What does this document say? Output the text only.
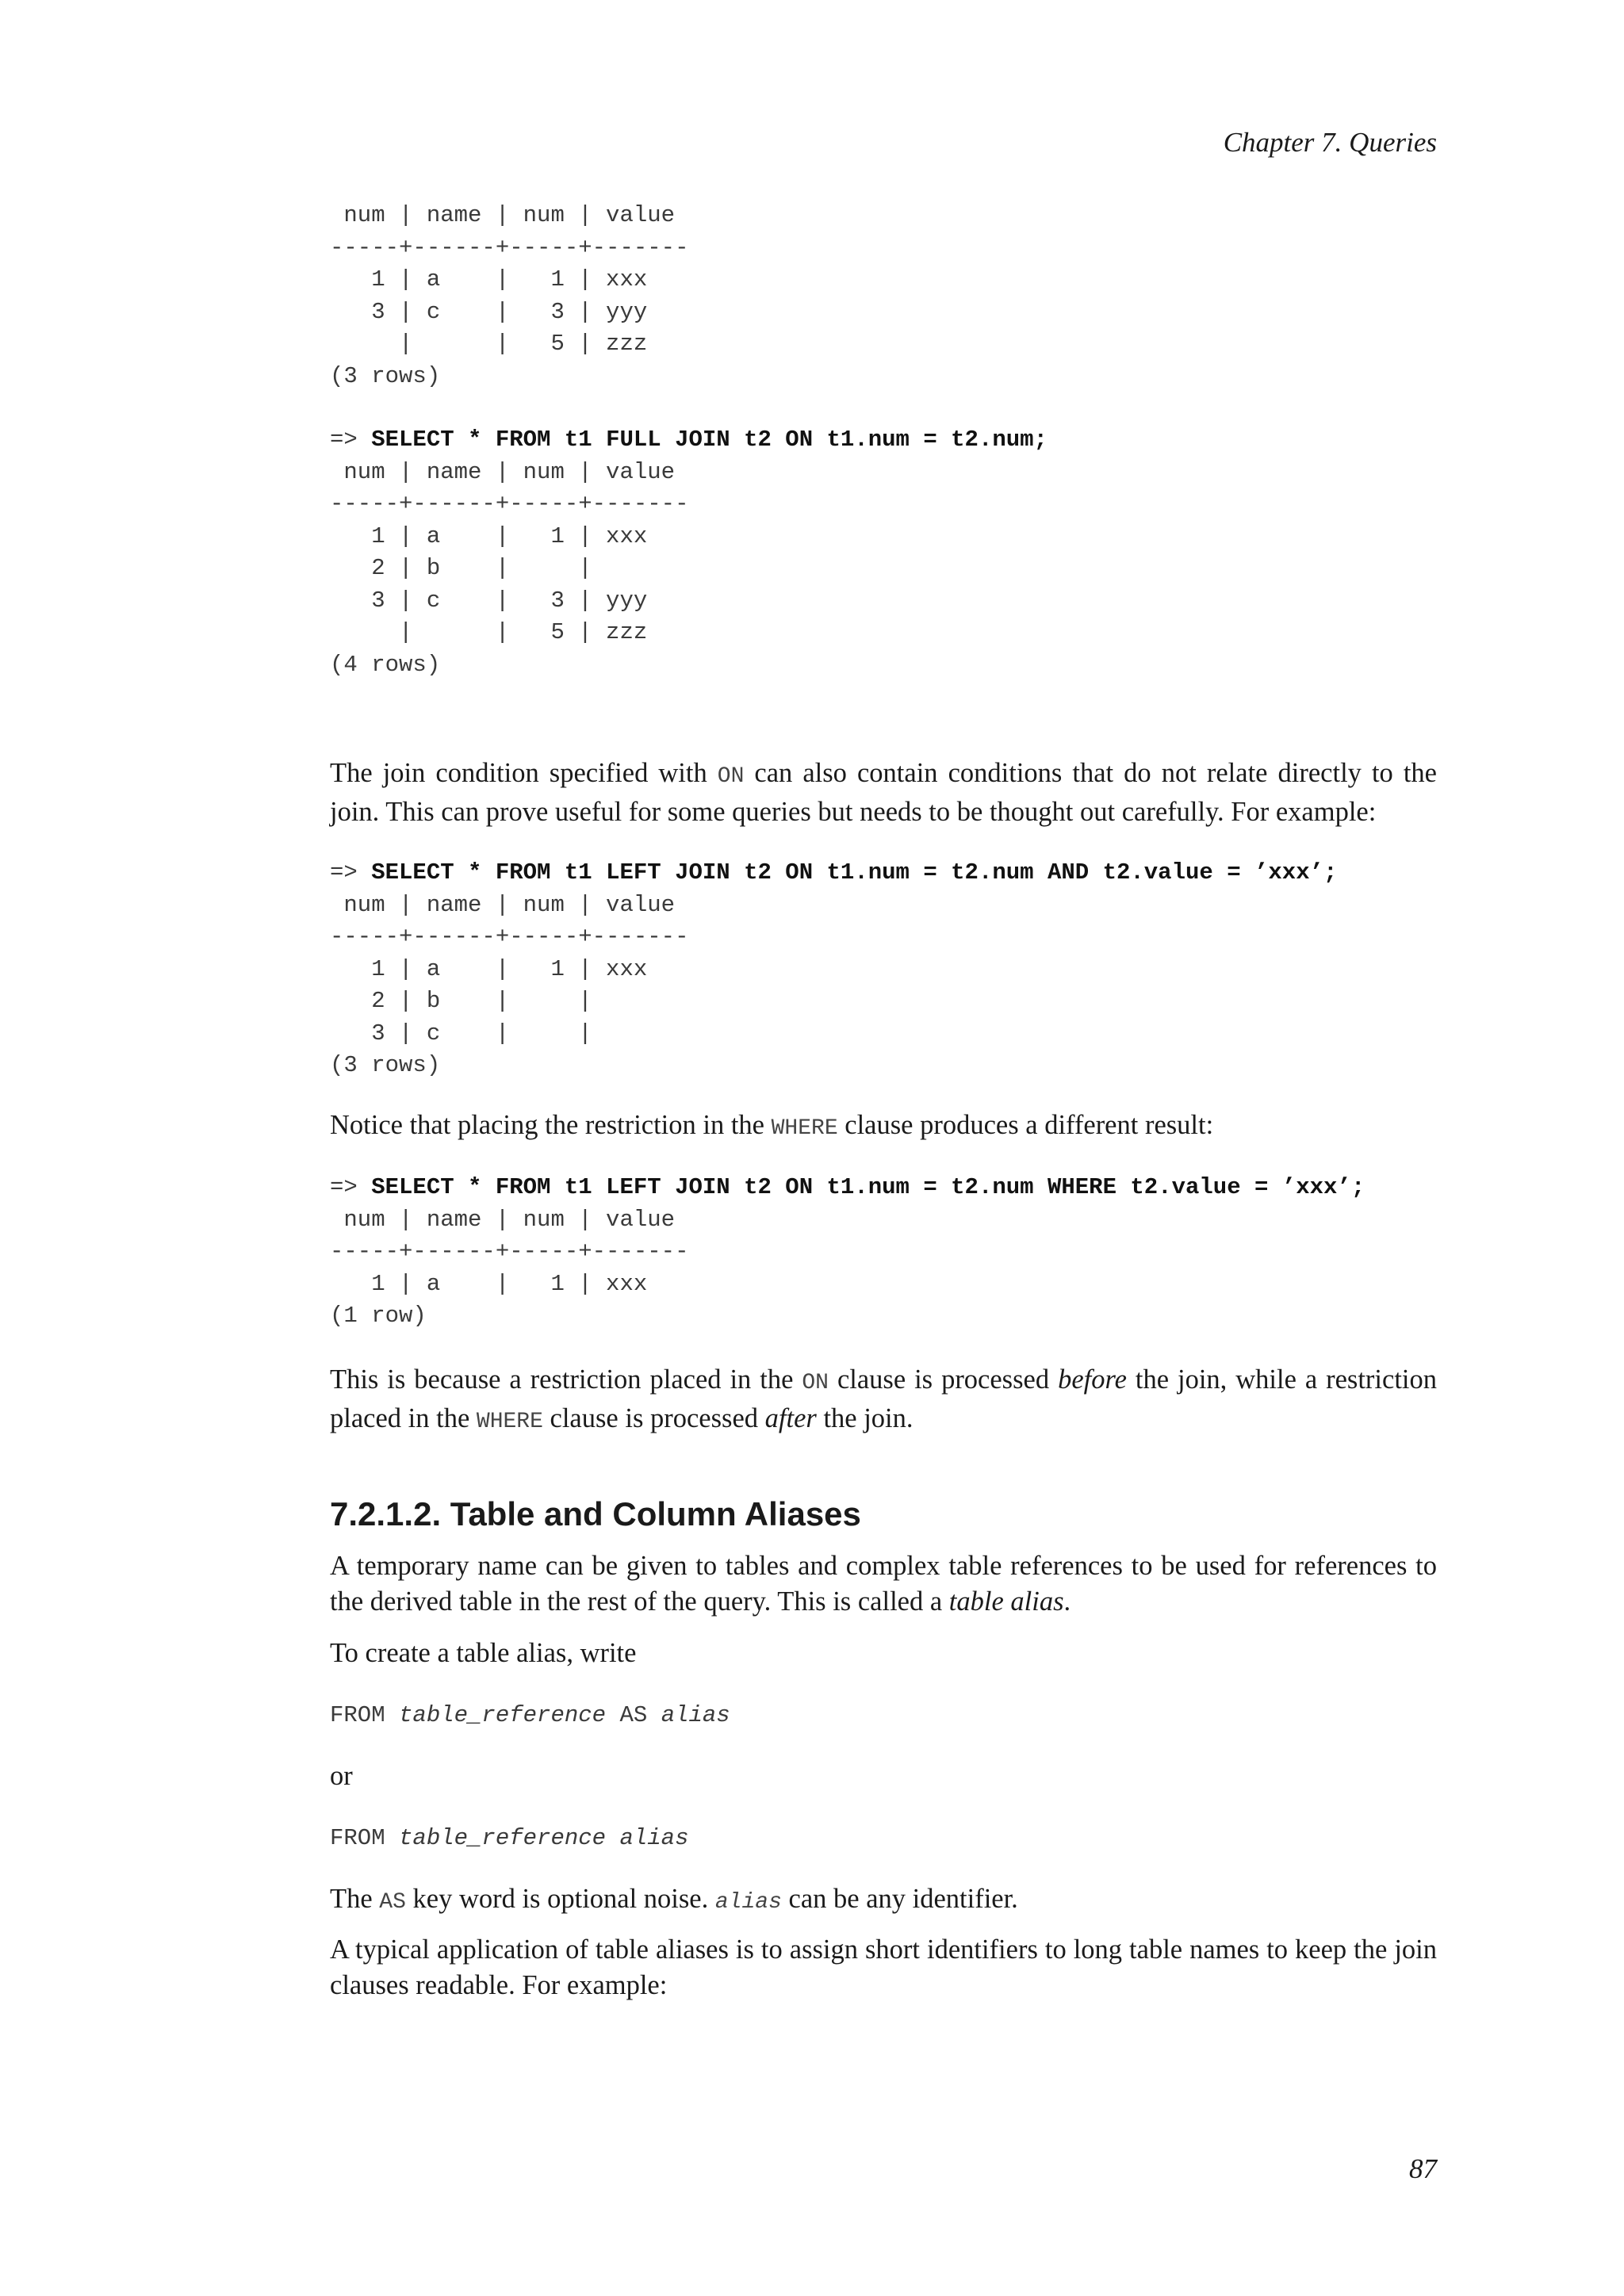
Chapter 7. Queries
num | name | num | value
-----+------+-----+-------
1 | a    |   1 | xxx
3 | c    |   3 | yyy
|      |   5 | zzz
(3 rows)
=> SELECT * FROM t1 FULL JOIN t2 ON t1.num = t2.num;
num | name | num | value
-----+------+-----+-------
1 | a    |   1 | xxx
2 | b    |     |
3 | c    |   3 | yyy
|      |   5 | zzz
(4 rows)

The join condition specified with ON can also contain conditions that do not relate directly to the join. This can prove useful for some queries but needs to be thought out carefully. For example:

=> SELECT * FROM t1 LEFT JOIN t2 ON t1.num = t2.num AND t2.value = ’xxx’;
num | name | num | value
-----+------+-----+-------
1 | a    |   1 | xxx
2 | b    |     |
3 | c    |     |
(3 rows)

Notice that placing the restriction in the WHERE clause produces a different result:

=> SELECT * FROM t1 LEFT JOIN t2 ON t1.num = t2.num WHERE t2.value = ’xxx’;
num | name | num | value
-----+------+-----+-------
1 | a    |   1 | xxx
(1 row)

This is because a restriction placed in the ON clause is processed before the join, while a restriction placed in the WHERE clause is processed after the join.

7.2.1.2. Table and Column Aliases

A temporary name can be given to tables and complex table references to be used for references to the derived table in the rest of the query. This is called a table alias.

To create a table alias, write

FROM table_reference AS alias

or

FROM table_reference alias

The AS key word is optional noise. alias can be any identifier.

A typical application of table aliases is to assign short identifiers to long table names to keep the join clauses readable. For example:

87
